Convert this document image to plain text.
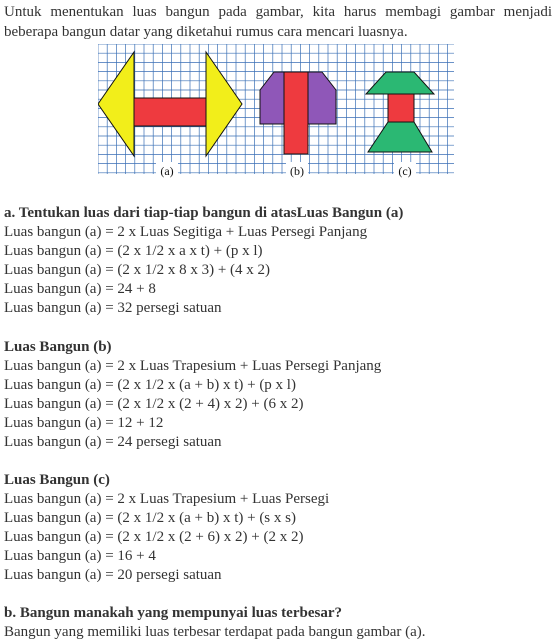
Untuk menentukan luas bangun pada gambar, kita harus membagi gambar menjadi beberapa bangun datar yang diketahui rumus cara mencari luasnya.

(a)	(b)	(c)
a. Tentukan luas dari tiap-tiap bangun di atasLuas Bangun (a)
Luas bangun (a) = 2 x Luas Segitiga + Luas Persegi Panjang
Luas bangun (a) = (2 x 1/2 x a x t) + (p x l)
Luas bangun (a) = (2 x 1/2 x 8 x 3) + (4 x 2)
Luas bangun (a) = 24 + 8
Luas bangun (a) = 32 persegi satuan
Luas Bangun (b)
Luas bangun (a) = 2 x Luas Trapesium + Luas Persegi Panjang
Luas bangun (a) = (2 x 1/2 x (a + b) x t) + (p x l)
Luas bangun (a) = (2 x 1/2 x (2 + 4) x 2) + (6 x 2)
Luas bangun (a) = 12 + 12
Luas bangun (a) = 24 persegi satuan
Luas Bangun (c)
Luas bangun (a) = 2 x Luas Trapesium + Luas Persegi
Luas bangun (a) = (2 x 1/2 x (a + b) x t) + (s x s)
Luas bangun (a) = (2 x 1/2 x (2 + 6) x 2) + (2 x 2)
Luas bangun (a) = 16 + 4
Luas bangun (a) = 20 persegi satuan
b. Bangun manakah yang mempunyai luas terbesar?
Bangun yang memiliki luas terbesar terdapat pada bangun gambar (a).
